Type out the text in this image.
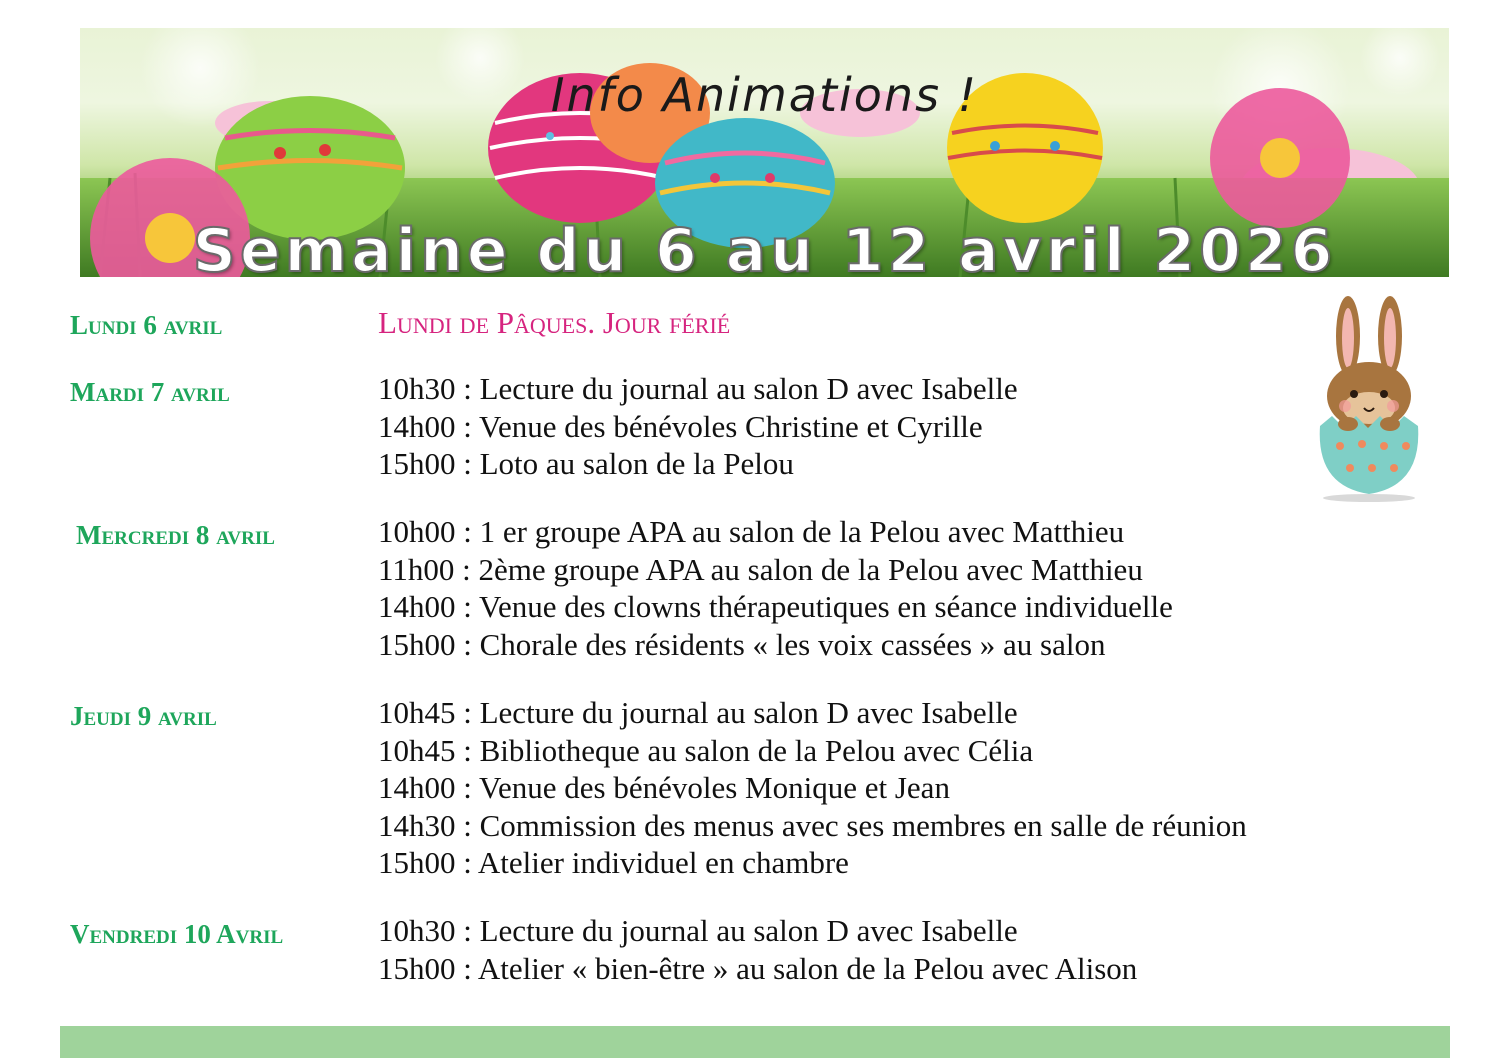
Info Animations !
Semaine du 6 au 12 avril 2026
Lundi 6 avril	Lundi de Pâques. Jour férié
Mardi 7 avril	10h30 : Lecture du journal au salon D avec Isabelle
14h00 : Venue des bénévoles Christine et Cyrille
15h00 : Loto au salon de la Pelou
Mercredi 8 avril	10h00 : 1 er groupe APA au salon de la Pelou avec Matthieu
11h00 : 2ème groupe APA au salon de la Pelou avec Matthieu
14h00 : Venue des clowns thérapeutiques en séance individuelle
15h00 : Chorale des résidents « les voix cassées » au salon
Jeudi 9 avril	10h45 : Lecture du journal au salon D avec Isabelle
10h45 : Bibliotheque au salon de la Pelou avec Célia
14h00 : Venue des bénévoles Monique et Jean
14h30 : Commission des menus avec ses membres en salle de réunion
15h00 : Atelier individuel en chambre
Vendredi 10 Avril	10h30 : Lecture du journal au salon D avec Isabelle
15h00 : Atelier « bien-être » au salon de la Pelou avec Alison
